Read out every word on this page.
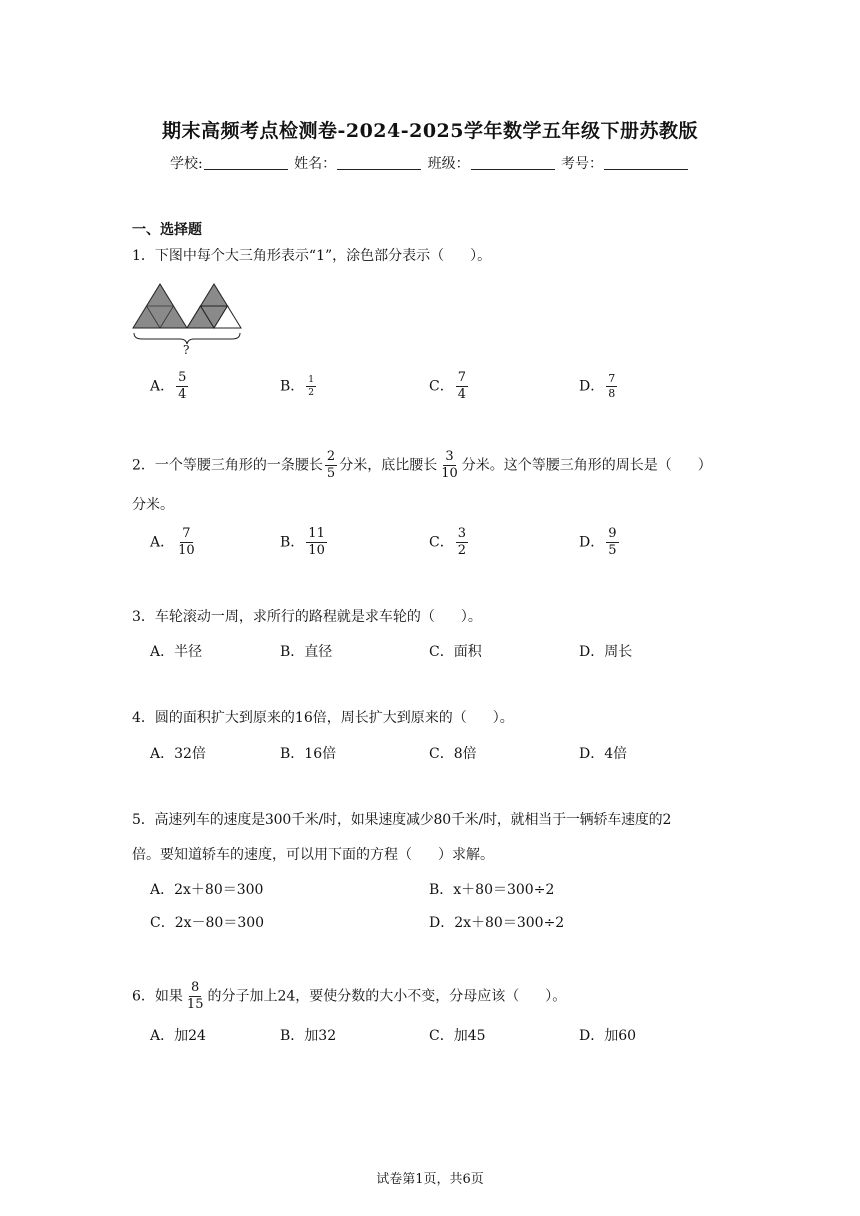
期末高频考点检测卷-2024-2025学年数学五年级下册苏教版
学校:	姓名：	班级：	考号：
一、选择题
1．下图中每个大三角形表示“1”，涂色部分表示（ ）。
?
A． $\frac{5}{4}$	B． $\frac{1}{2}$	C． $\frac{7}{4}$	D． $\frac{7}{8}$
2．一个等腰三角形的一条腰长 $\frac{2}{5}$ 分米，底比腰长 $\frac{3}{10}$ 分米。这个等腰三角形的周长是（ ）
分米。
A． $\frac{7}{10}$	B． $\frac{11}{10}$	C． $\frac{3}{2}$	D． $\frac{9}{5}$
3．车轮滚动一周，求所行的路程就是求车轮的（ ）。
A．半径	B．直径	C．面积	D．周长
4．圆的面积扩大到原来的16倍，周长扩大到原来的（ ）。
A．32倍	B．16倍	C．8倍	D．4倍
5．高速列车的速度是300千米/时，如果速度减少80千米/时，就相当于一辆轿车速度的2
倍。要知道轿车的速度，可以用下面的方程（ ）求解。
A．2x＋80＝300	B．x＋80＝300÷2
C．2x－80＝300	D．2x＋80＝300÷2
6．如果 $\frac{8}{15}$ 的分子加上24，要使分数的大小不变，分母应该（ ）。
A．加24	B．加32	C．加45	D．加60
试卷第1页，共6页
